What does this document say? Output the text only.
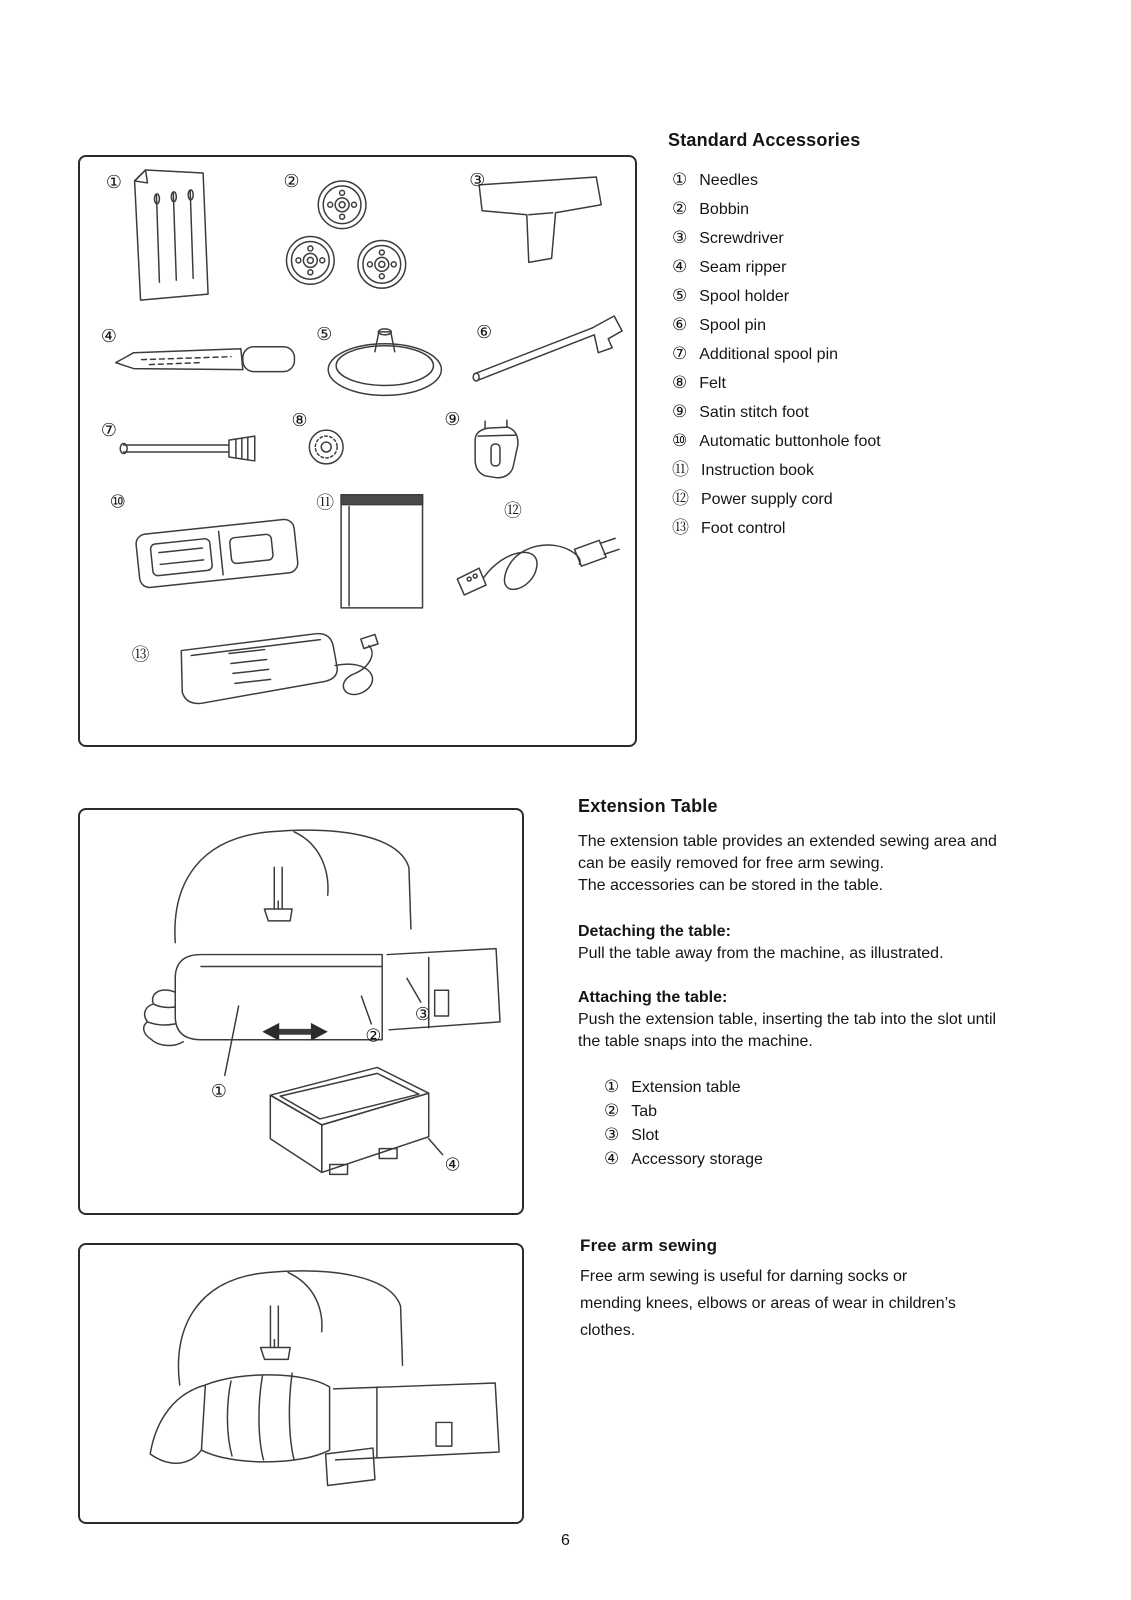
①	②	③
④	⑤	⑥
⑦	⑧	⑨
⑩	⑪	⑫
⑬
Standard Accessories
① Needles
② Bobbin
③ Screwdriver
④ Seam ripper
⑤ Spool holder
⑥ Spool pin
⑦ Additional spool pin
⑧ Felt
⑨ Satin stitch foot
⑩ Automatic buttonhole foot
⑪ Instruction book
⑫ Power supply cord
⑬ Foot control
①
②
③
④
Extension Table
The extension table provides an extended sewing area and can be easily removed for free arm sewing.
The accessories can be stored in the table.
Detaching the table:
Pull the table away from the machine, as illustrated.
Attaching the table:
Push the extension table, inserting the tab into the slot until the table snaps into the machine.
① Extension table
② Tab
③ Slot
④ Accessory storage
Free arm sewing
Free arm sewing is useful for darning socks or mending knees, elbows or areas of wear in children’s clothes.
6
